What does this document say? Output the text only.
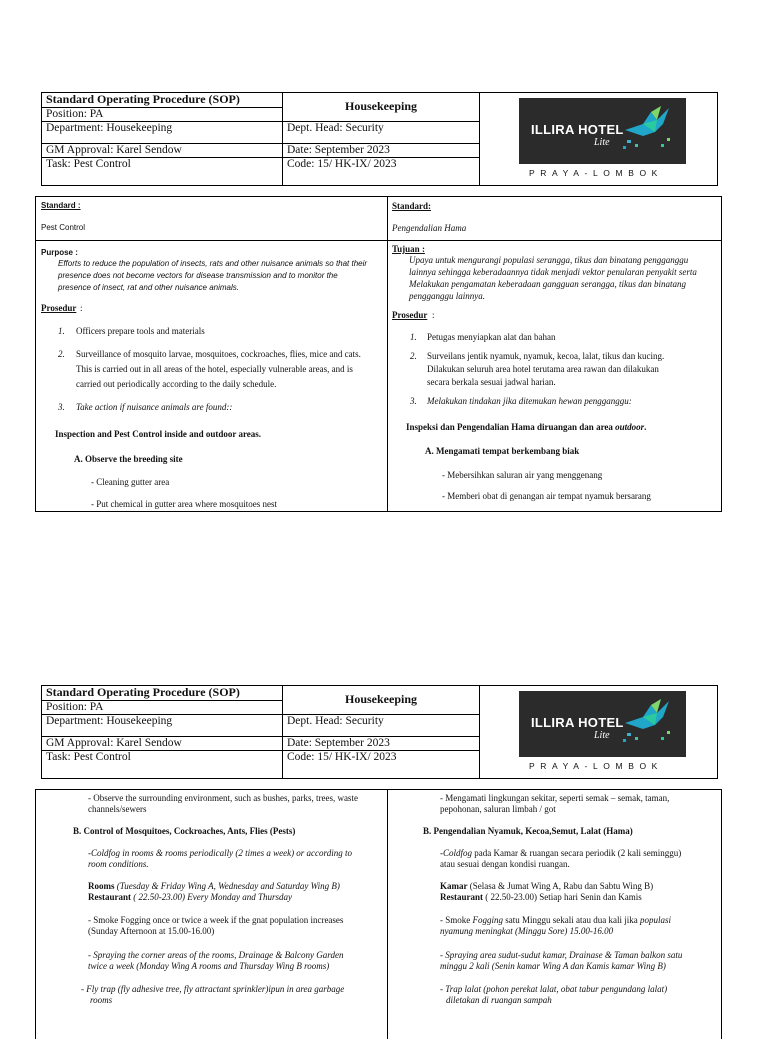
Standard Operating Procedure (SOP)
Position: PA
Department: Housekeeping
GM Approval: Karel Sendow
Task: Pest Control
Housekeeping
Dept. Head: Security
Date: September 2023
Code: 15/ HK-IX/ 2023
ILLIRA HOTEL
Lite
PRAYA-LOMBOK
Standard :
Pest Control
Purpose :
Efforts to reduce the population of insects, rats and other nuisance animals so that their
presence does not become vectors for disease transmission and to monitor the
presence of insect, rat and other nuisance animals.
Prosedur :
1. Officers prepare tools and materials
2. Surveillance of mosquito larvae, mosquitoes, cockroaches, flies, mice and cats.
This is carried out in all areas of the hotel, especially vulnerable areas, and is
carried out periodically according to the daily schedule.
3. Take action if nuisance animals are found::
Inspection and Pest Control inside and outdoor areas.
A. Observe the breeding site
- Cleaning gutter area
- Put chemical in gutter area where mosquitoes nest
Standard:
Pengendalian Hama
Tujuan :
Upaya untuk mengurangi populasi serangga, tikus dan binatang pengganggu
lainnya sehingga keberadaannya tidak menjadi vektor penularan penyakit serta
Melakukan pengamatan keberadaan gangguan serangga, tikus dan binatang
pengganggu lainnya.
Prosedur :
1. Petugas menyiapkan alat dan bahan
2. Surveilans jentik nyamuk, nyamuk, kecoa, lalat, tikus dan kucing.
Dilakukan seluruh area hotel terutama area rawan dan dilakukan
secara berkala sesuai jadwal harian.
3. Melakukan tindakan jika ditemukan hewan pengganggu:
Inspeksi dan Pengendalian Hama diruangan dan area outdoor.
A. Mengamati tempat berkembang biak
- Mebersihkan saluran air yang menggenang
- Memberi obat di genangan air tempat nyamuk bersarang
Standard Operating Procedure (SOP)
Position: PA
Department: Housekeeping
GM Approval: Karel Sendow
Task: Pest Control
Housekeeping
Dept. Head: Security
Date: September 2023
Code: 15/ HK-IX/ 2023
ILLIRA HOTEL
Lite
PRAYA-LOMBOK
- Observe the surrounding environment, such as bushes, parks, trees, waste
channels/sewers
B. Control of Mosquitoes, Cockroaches, Ants, Flies (Pests)
-Coldfog in rooms & rooms periodically (2 times a week) or according to
room conditions.
Rooms (Tuesday & Friday Wing A, Wednesday and Saturday Wing B)
Restaurant ( 22.50-23.00) Every Monday and Thursday
- Smoke Fogging once or twice a week if the gnat population increases
(Sunday Afternoon at 15.00-16.00)
- Spraying the corner areas of the rooms, Drainage & Balcony Garden
twice a week (Monday Wing A rooms and Thursday Wing B rooms)
- Fly trap (fly adhesive tree, fly attractant sprinkler)ipun in area garbage
rooms
- Mengamati lingkungan sekitar, seperti semak – semak, taman,
pepohonan, saluran limbah / got
B. Pengendalian Nyamuk, Kecoa,Semut, Lalat (Hama)
-Coldfog pada Kamar & ruangan secara periodik (2 kali seminggu)
atau sesuai dengan kondisi ruangan.
Kamar (Selasa & Jumat Wing A, Rabu dan Sabtu Wing B)
Restaurant ( 22.50-23.00) Setiap hari Senin dan Kamis
- Smoke Fogging satu Minggu sekali atau dua kali jika populasi
nyamung meningkat (Minggu Sore) 15.00-16.00
- Spraying area sudut-sudut kamar, Drainase & Taman balkon satu
minggu 2 kali (Senin kamar Wing A dan Kamis kamar Wing B)
- Trap lalat (pohon perekat lalat, obat tabur pengundang lalat)
diletakan di ruangan sampah
